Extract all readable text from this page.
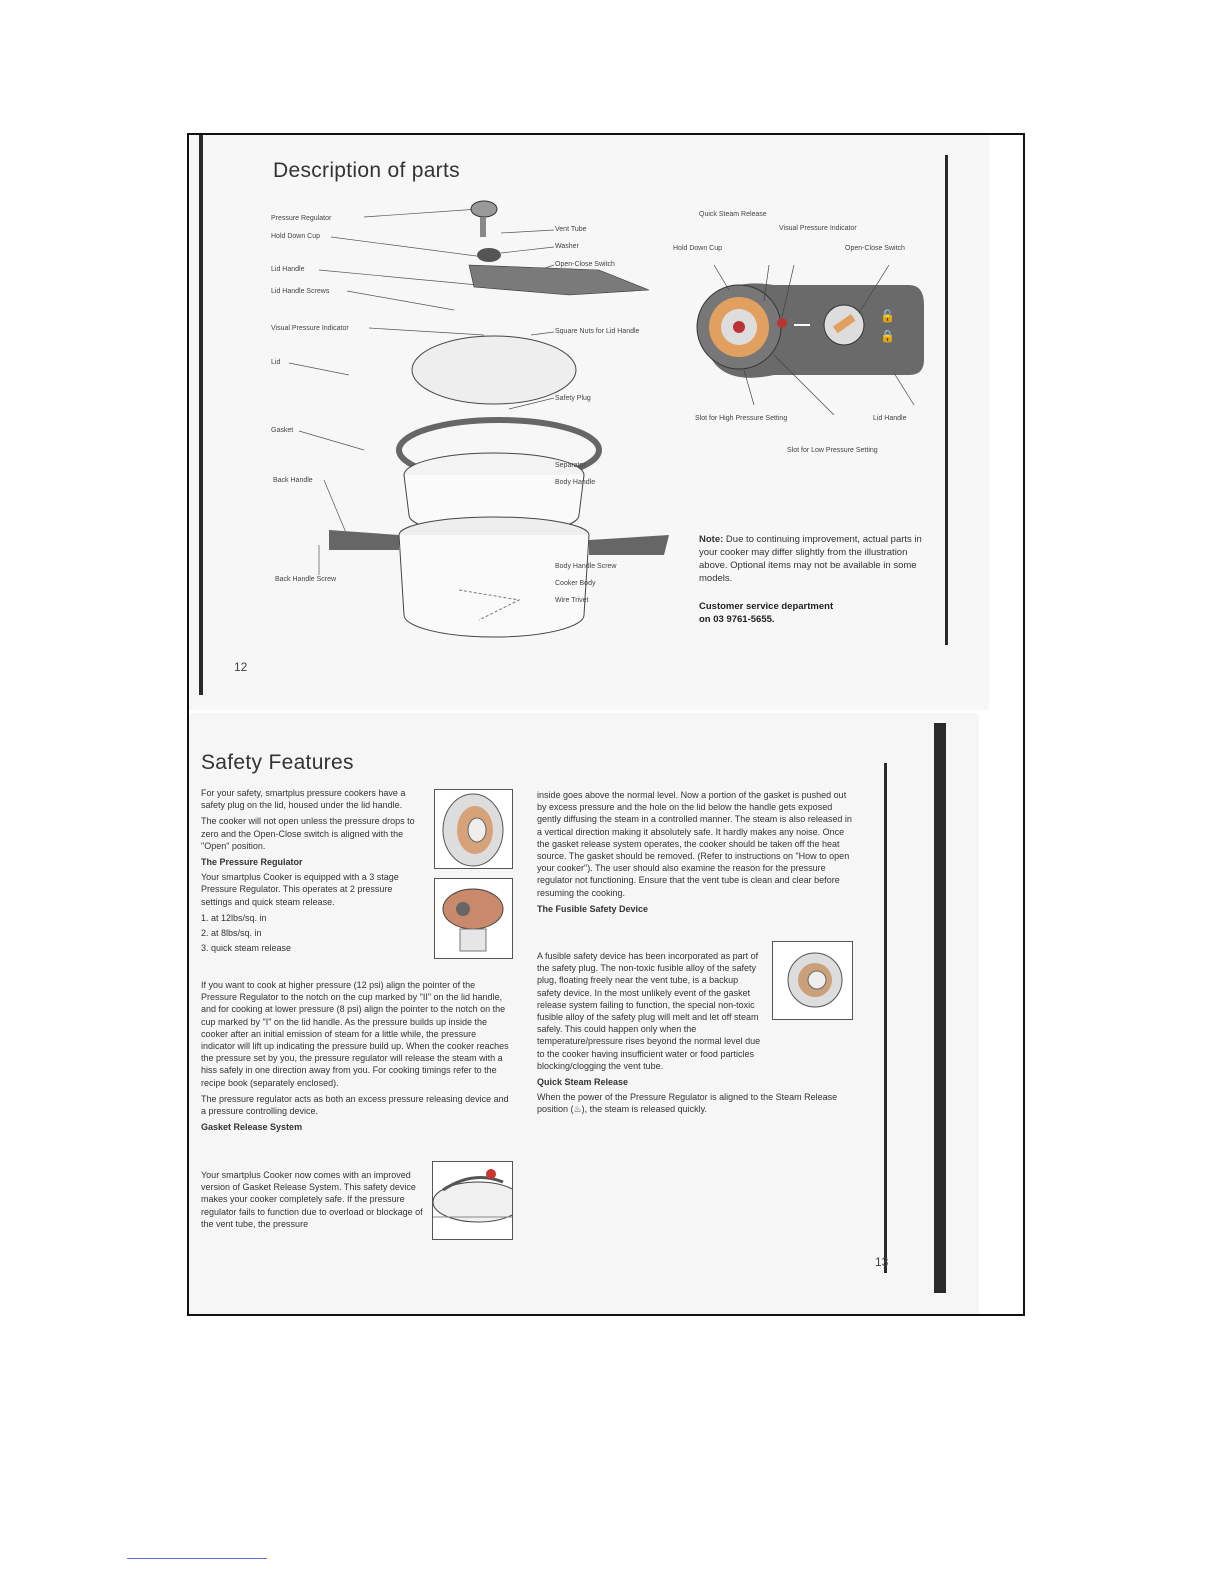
Description of parts
Pressure Regulator
Hold Down Cup
Lid Handle
Lid Handle Screws
Visual Pressure Indicator
Lid
Gasket
Back Handle
Back Handle Screw
Vent Tube
Washer
Open-Close Switch
Square Nuts for Lid Handle
Safety Plug
Separator
Body Handle
Body Handle Screw
Cooker Body
Wire Trivet
🔓
🔒
Quick Steam Release
Visual Pressure Indicator
Hold Down Cup	Open-Close Switch
Slot for High Pressure Setting	Lid Handle
Slot for Low Pressure Setting
Note: Due to continuing improvement, actual parts in your cooker may differ slightly from the illustration above. Optional items may not be available in some models.
Customer service department
on 03 9761-5655.
12
Safety Features

For your safety, smartplus pressure cookers have a safety plug on the lid, housed under the lid handle.

The cooker will not open unless the pressure drops to zero and the Open-Close switch is aligned with the "Open" position.

The Pressure Regulator

Your smartplus Cooker is equipped with a 3 stage Pressure Regulator. This operates at 2 pressure settings and quick steam release.

1. at 12lbs/sq. in
2. at 8lbs/sq. in
3. quick steam release

If you want to cook at higher pressure (12 psi) align the pointer of the Pressure Regulator to the notch on the cup marked by "II" on the lid handle, and for cooking at lower pressure (8 psi) align the pointer to the notch on the cup marked by "I" on the lid handle. As the pressure builds up inside the cooker after an initial emission of steam for a little while, the pressure indicator will lift up indicating the pressure build up. When the cooker reaches the pressure set by you, the pressure regulator will release the steam with a hiss safely in one direction away from you. For cooking timings refer to the recipe book (separately enclosed).

The pressure regulator acts as both an excess pressure releasing device and a pressure controlling device.

Gasket Release System

Your smartplus Cooker now comes with an improved version of Gasket Release System. This safety device makes your cooker completely safe. If the pressure regulator fails to function due to overload or blockage of the vent tube, the pressure

inside goes above the normal level. Now a portion of the gasket is pushed out by excess pressure and the hole on the lid below the handle gets exposed gently diffusing the steam in a controlled manner. The steam is also released in a vertical direction making it absolutely safe. It hardly makes any noise. Once the gasket release system operates, the cooker should be taken off the heat source. The gasket should be removed. (Refer to instructions on "How to open your cooker"). The user should also examine the reason for the pressure regulator not functioning. Ensure that the vent tube is clean and clear before resuming the cooking.

The Fusible Safety Device

A fusible safety device has been incorporated as part of the safety plug. The non-toxic fusible alloy of the safety plug, floating freely near the vent tube, is a backup safety device. In the most unlikely event of the gasket release system failing to function, the special non-toxic fusible alloy of the safety plug will melt and let off steam safely. This could happen only when the temperature/pressure rises beyond the normal level due to the cooker having insufficient water or food particles blocking/clogging the vent tube.

Quick Steam Release

When the power of the Pressure Regulator is aligned to the Steam Release position (♨), the steam is released quickly.

13
